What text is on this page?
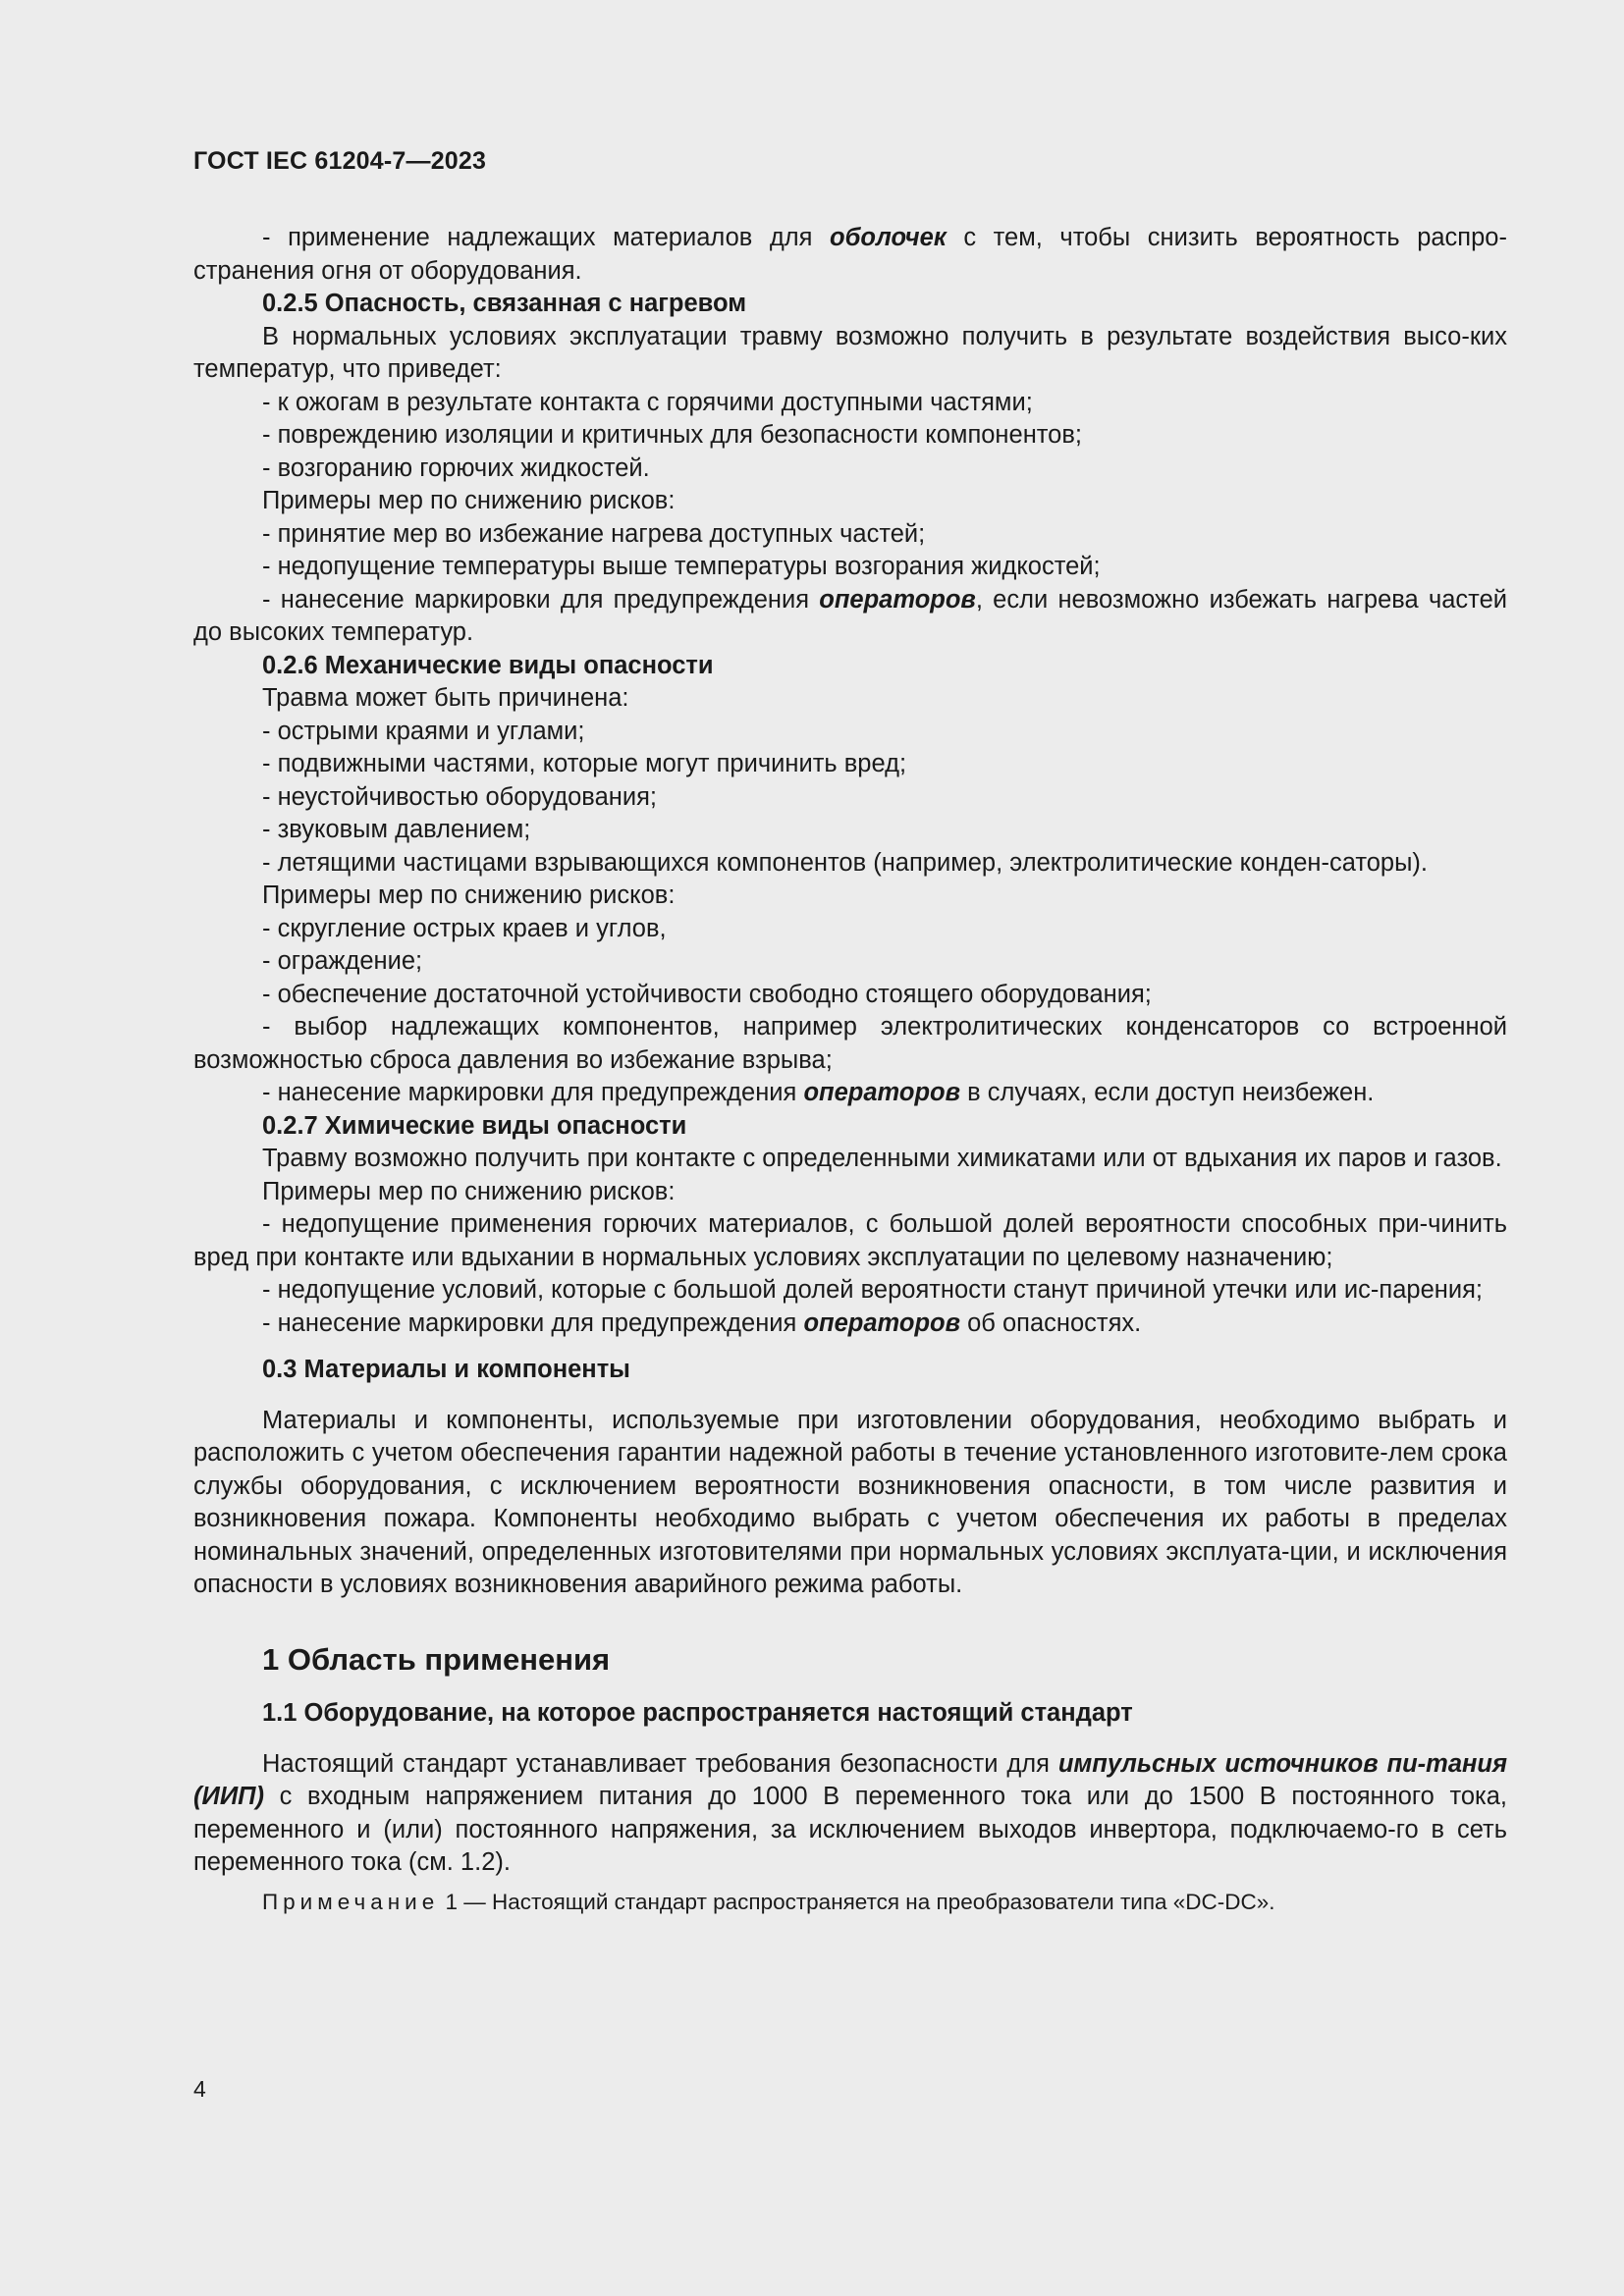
ГОСТ IEC 61204-7—2023

- применение надлежащих материалов для оболочек с тем, чтобы снизить вероятность распро-странения огня от оборудования.

0.2.5 Опасность, связанная с нагревом

В нормальных условиях эксплуатации травму возможно получить в результате воздействия высо-ких температур, что приведет:

- к ожогам в результате контакта с горячими доступными частями;

- повреждению изоляции и критичных для безопасности компонентов;

- возгоранию горючих жидкостей.

Примеры мер по снижению рисков:

- принятие мер во избежание нагрева доступных частей;

- недопущение температуры выше температуры возгорания жидкостей;

- нанесение маркировки для предупреждения операторов, если невозможно избежать нагрева частей до высоких температур.

0.2.6 Механические виды опасности

Травма может быть причинена:

- острыми краями и углами;

- подвижными частями, которые могут причинить вред;

- неустойчивостью оборудования;

- звуковым давлением;

- летящими частицами взрывающихся компонентов (например, электролитические конден-саторы).

Примеры мер по снижению рисков:

- скругление острых краев и углов,

- ограждение;

- обеспечение достаточной устойчивости свободно стоящего оборудования;

- выбор надлежащих компонентов, например электролитических конденсаторов со встроенной возможностью сброса давления во избежание взрыва;

- нанесение маркировки для предупреждения операторов в случаях, если доступ неизбежен.

0.2.7 Химические виды опасности

Травму возможно получить при контакте с определенными химикатами или от вдыхания их паров и газов.

Примеры мер по снижению рисков:

- недопущение применения горючих материалов, с большой долей вероятности способных при-чинить вред при контакте или вдыхании в нормальных условиях эксплуатации по целевому назначению;

- недопущение условий, которые с большой долей вероятности станут причиной утечки или ис-парения;

- нанесение маркировки для предупреждения операторов об опасностях.

0.3 Материалы и компоненты

Материалы и компоненты, используемые при изготовлении оборудования, необходимо выбрать и расположить с учетом обеспечения гарантии надежной работы в течение установленного изготовите-лем срока службы оборудования, с исключением вероятности возникновения опасности, в том числе развития и возникновения пожара. Компоненты необходимо выбрать с учетом обеспечения их работы в пределах номинальных значений, определенных изготовителями при нормальных условиях эксплуата-ции, и исключения опасности в условиях возникновения аварийного режима работы.

1 Область применения

1.1 Оборудование, на которое распространяется настоящий стандарт

Настоящий стандарт устанавливает требования безопасности для импульсных источников пи-тания (ИИП) с входным напряжением питания до 1000 В переменного тока или до 1500 В постоянного тока, переменного и (или) постоянного напряжения, за исключением выходов инвертора, подключаемо-го в сеть переменного тока (см. 1.2).

Примечание 1 — Настоящий стандарт распространяется на преобразователи типа «DC-DC».
4
